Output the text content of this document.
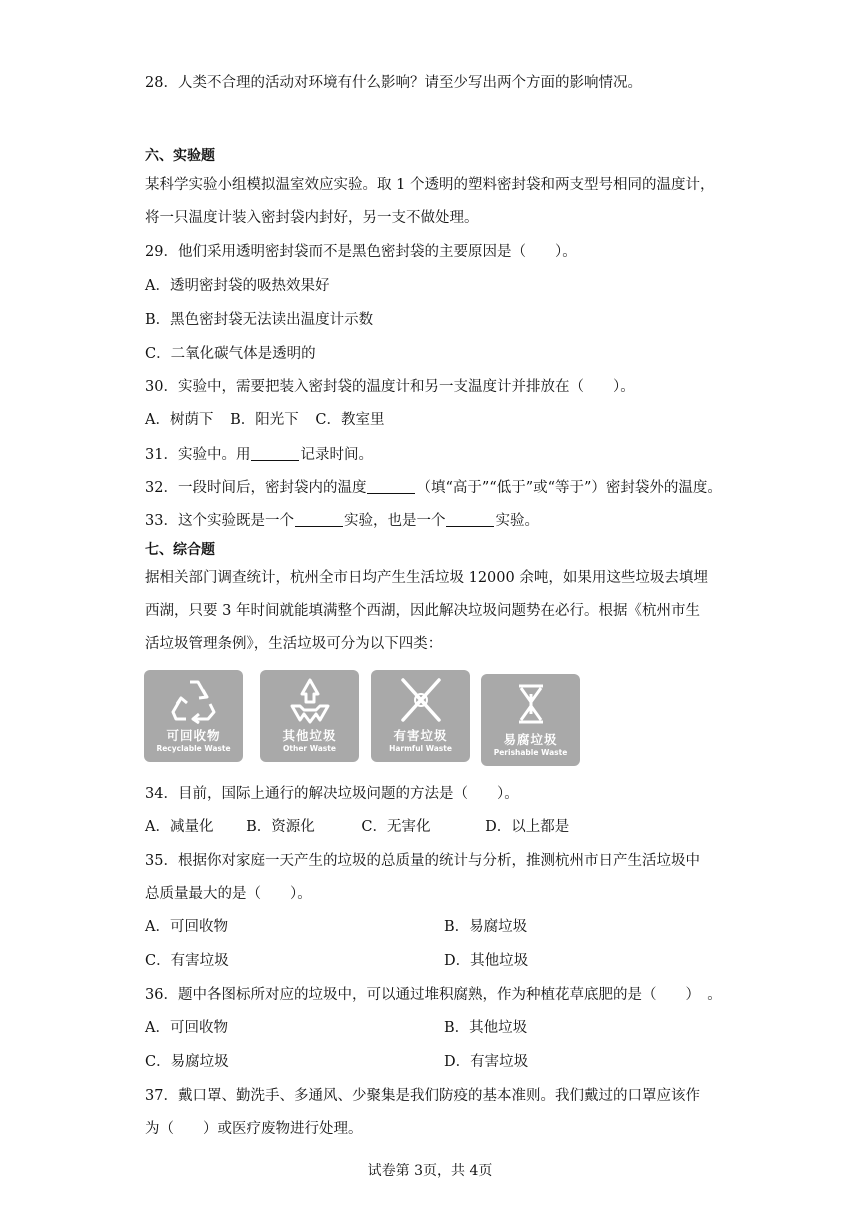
28．人类不合理的活动对环境有什么影响？请至少写出两个方面的影响情况。
六、实验题
某科学实验小组模拟温室效应实验。取 1 个透明的塑料密封袋和两支型号相同的温度计，
将一只温度计装入密封袋内封好，另一支不做处理。
29．他们采用透明密封袋而不是黑色密封袋的主要原因是（　　）。
A．透明密封袋的吸热效果好
B．黑色密封袋无法读出温度计示数
C．二氧化碳气体是透明的
30．实验中，需要把装入密封袋的温度计和另一支温度计并排放在（　　）。
A．树荫下 B．阳光下 C．教室里
31．实验中。用	记录时间。
32．一段时间后，密封袋内的温度	（填“高于”“低于”或“等于”）密封袋外的温度。
33．这个实验既是一个	实验，也是一个	实验。
七、综合题
据相关部门调查统计，杭州全市日均产生生活垃圾 12000 余吨，如果用这些垃圾去填埋
西湖，只要 3 年时间就能填满整个西湖，因此解决垃圾问题势在必行。根据《杭州市生
活垃圾管理条例》，生活垃圾可分为以下四类：
可回收物
Recyclable Waste
其他垃圾
Other Waste
有害垃圾
Harmful Waste
易腐垃圾
Perishable Waste
34．目前，国际上通行的解决垃圾问题的方法是（　　）。
A．减量化 B．资源化	C．无害化	D．以上都是
35．根据你对家庭一天产生的垃圾的总质量的统计与分析，推测杭州市日产生活垃圾中
总质量最大的是（　　）。
A．可回收物	B．易腐垃圾
C．有害垃圾	D．其他垃圾
36．题中各图标所对应的垃圾中，可以通过堆积腐熟，作为种植花草底肥的是（　　）　。
A．可回收物	B．其他垃圾
C．易腐垃圾	D．有害垃圾
37．戴口罩、勤洗手、多通风、少聚集是我们防疫的基本准则。我们戴过的口罩应该作
为（　　）或医疗废物进行处理。
试卷第 3页，共 4页
